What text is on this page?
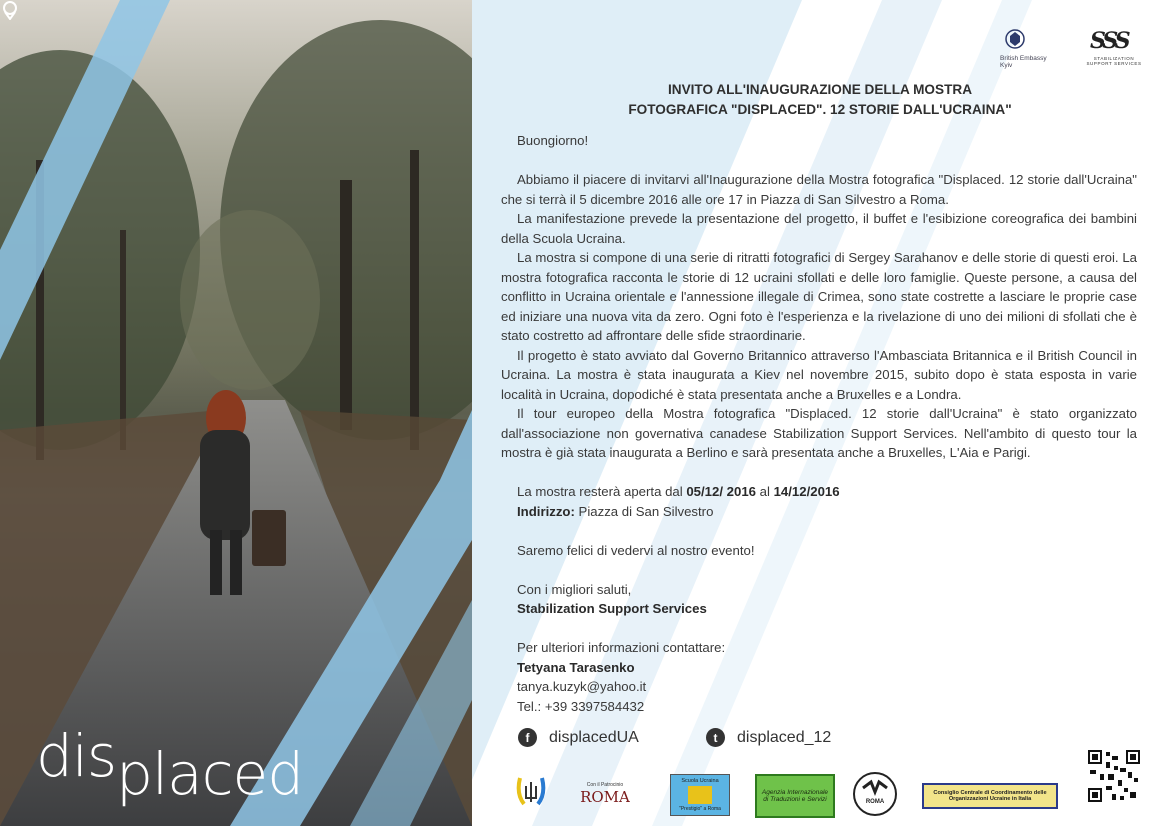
displaced
British Embassy Kyiv
SSS
STABILIZATION SUPPORT SERVICES
INVITO ALL'INAUGURAZIONE DELLA MOSTRA
FOTOGRAFICA "DISPLACED". 12 STORIE DALL'UCRAINA"

Buongiorno!

Abbiamo il piacere di invitarvi all'Inaugurazione della Mostra fotografica "Displaced. 12 storie dall'Ucraina" che si terrà il 5 dicembre 2016 alle ore 17 in Piazza di San Silvestro a Roma.

La manifestazione prevede la presentazione del progetto, il buffet e l'esibizione coreografica dei bambini della Scuola Ucraina.

La mostra si compone di una serie di ritratti fotografici di Sergey Sarahanov e delle storie di questi eroi. La mostra fotografica racconta le storie di 12 ucraini sfollati e delle loro famiglie. Queste persone, a causa del conflitto in Ucraina orientale e l'annessione illegale di Crimea, sono state costrette a lasciare le proprie case ed iniziare una nuova vita da zero. Ogni foto è l'esperienza e la rivelazione di uno dei milioni di sfollati che è stato costretto ad affrontare delle sfide straordinarie.

Il progetto è stato avviato dal Governo Britannico attraverso l'Ambasciata Britannica e il British Council in Ucraina. La mostra è stata inaugurata a Kiev nel novembre 2015, subito dopo è stata esposta in varie località in Ucraina, dopodiché è stata presentata anche a Bruxelles e a Londra.

Il tour europeo della Mostra fotografica "Displaced. 12 storie dall'Ucraina" è stato organizzato dall'associazione non governativa canadese Stabilization Support Services. Nell'ambito di questo tour la mostra è già stata inaugurata a Berlino e sarà presentata anche a Bruxelles, L'Aia e Parigi.

La mostra resterà aperta dal 05/12/ 2016 al 14/12/2016

Indirizzo: Piazza di San Silvestro

Saremo felici di vedervi al nostro evento!

Con i migliori saluti,

Stabilization Support Services

Per ulteriori informazioni contattare:

Tetyana Tarasenko

tanya.kuzyk@yahoo.it

Tel.: +39 3397584432

f	displacedUA	t	displaced_12
Con il Patrocinio
ROMA
Scuola Ucraina
"Prestigio" a Roma
Agenzia Internazionale di Traduzioni e Servizi	ROMA
Consiglio Centrale di Coordinamento delle Organizzazioni Ucraine in Italia
